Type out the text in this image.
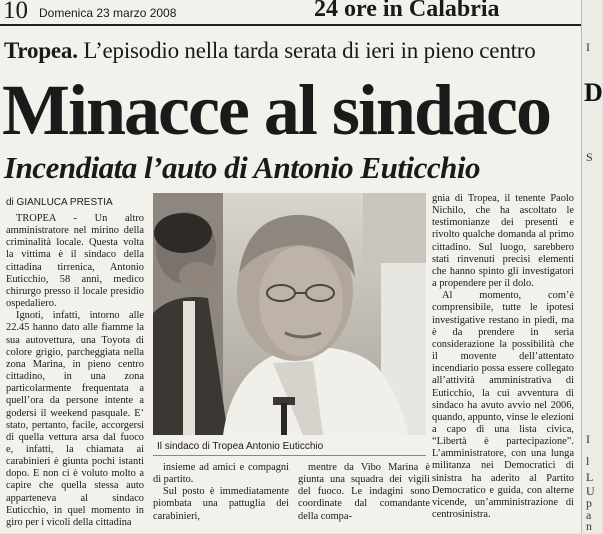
10 Domenica 23 marzo 2008	24 ore in Calabria
Tropea. L’episodio nella tarda serata di ieri in pieno centro
Minacce al sindaco
Incendiata l’auto di Antonio Euticchio
di GIANLUCA PRESTIA

TROPEA - Un altro amministratore nel mirino della criminalità locale. Questa volta la vittima è il sindaco della cittadina tirrenica, Antonio Euticchio, 58 anni, medico chirurgo presso il locale presidio ospedaliero.

Ignoti, infatti, intorno alle 22.45 hanno dato alle fiamme la sua autovettura, una Toyota di colore grigio, parcheggiata nella zona Marina, in pieno centro cittadino, in una zona particolarmente frequentata a quell’ora da persone intente a godersi il weekend pasquale. E’ stato, pertanto, facile, accorgersi di quella vettura arsa dal fuoco e, infatti, la chiamata ai carabinieri è giunta pochi istanti dopo. E non ci è voluto molto a capire che quella stessa auto apparteneva al sindaco Euticchio, in quel momento in giro per i vicoli della cittadina

Il sindaco di Tropea Antonio Euticchio

insieme ad amici e compagni di partito.

Sul posto è immediatamente piombata una pattuglia dei carabinieri,

mentre da Vibo Marina è giunta una squadra dei vigili del fuoco. Le indagini sono coordinate dal comandante della compa-

gnia di Tropea, il tenente Paolo Nichilo, che ha ascoltato le testimonianze dei presenti e rivolto qualche domanda al primo cittadino. Sul luogo, sarebbero stati rinvenuti precisi elementi che hanno spinto gli investigatori a propendere per il dolo.

Al momento, com’è comprensibile, tutte le ipotesi investigative restano in piedi, ma è da prendere in seria considerazione la possibilità che il movente dell’attentato incendiario possa essere collegato all’attività amministrativa di Euticchio, la cui avventura di sindaco ha avuto avvio nel 2006, quando, appunto, vinse le elezioni a capo di una lista civica, “Libertà è partecipazione”. L’amministratore, con una lunga militanza nei Democratici di sinistra ha aderito al Partito Democratico e guida, con alterne vicende, un’amministrazione di centrosinistra.

I
D
S
I
l
L
U
p
a
n
